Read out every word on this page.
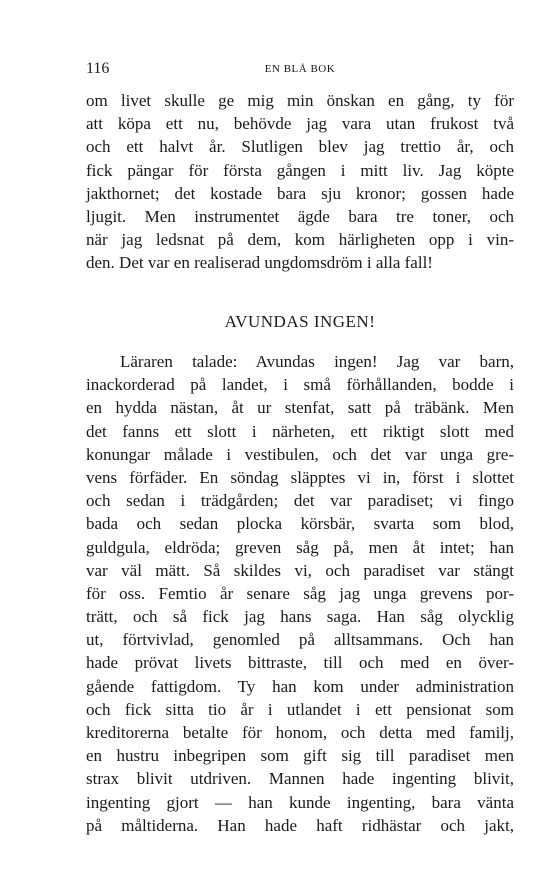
116	EN BLÅ BOK
om livet skulle ge mig min önskan en gång, ty för
att köpa ett nu, behövde jag vara utan frukost två
och ett halvt år. Slutligen blev jag trettio år, och
fick pängar för första gången i mitt liv. Jag köpte
jakthornet; det kostade bara sju kronor; gossen hade
ljugit. Men instrumentet ägde bara tre toner, och
när jag ledsnat på dem, kom härligheten opp i vin-
den. Det var en realiserad ungdomsdröm i alla fall!
AVUNDAS INGEN!
Läraren talade: Avundas ingen! Jag var barn,
inackorderad på landet, i små förhållanden, bodde i
en hydda nästan, åt ur stenfat, satt på träbänk. Men
det fanns ett slott i närheten, ett riktigt slott med
konungar målade i vestibulen, och det var unga gre-
vens förfäder. En söndag släpptes vi in, först i slottet
och sedan i trädgården; det var paradiset; vi fingo
bada och sedan plocka körsbär, svarta som blod,
guldgula, eldröda; greven såg på, men åt intet; han
var väl mätt. Så skildes vi, och paradiset var stängt
för oss. Femtio år senare såg jag unga grevens por-
trätt, och så fick jag hans saga. Han såg olycklig
ut, förtvivlad, genomled på alltsammans. Och han
hade prövat livets bittraste, till och med en över-
gående fattigdom. Ty han kom under administration
och fick sitta tio år i utlandet i ett pensionat som
kreditorerna betalte för honom, och detta med familj,
en hustru inbegripen som gift sig till paradiset men
strax blivit utdriven. Mannen hade ingenting blivit,
ingenting gjort — han kunde ingenting, bara vänta
på måltiderna. Han hade haft ridhästar och jakt,
